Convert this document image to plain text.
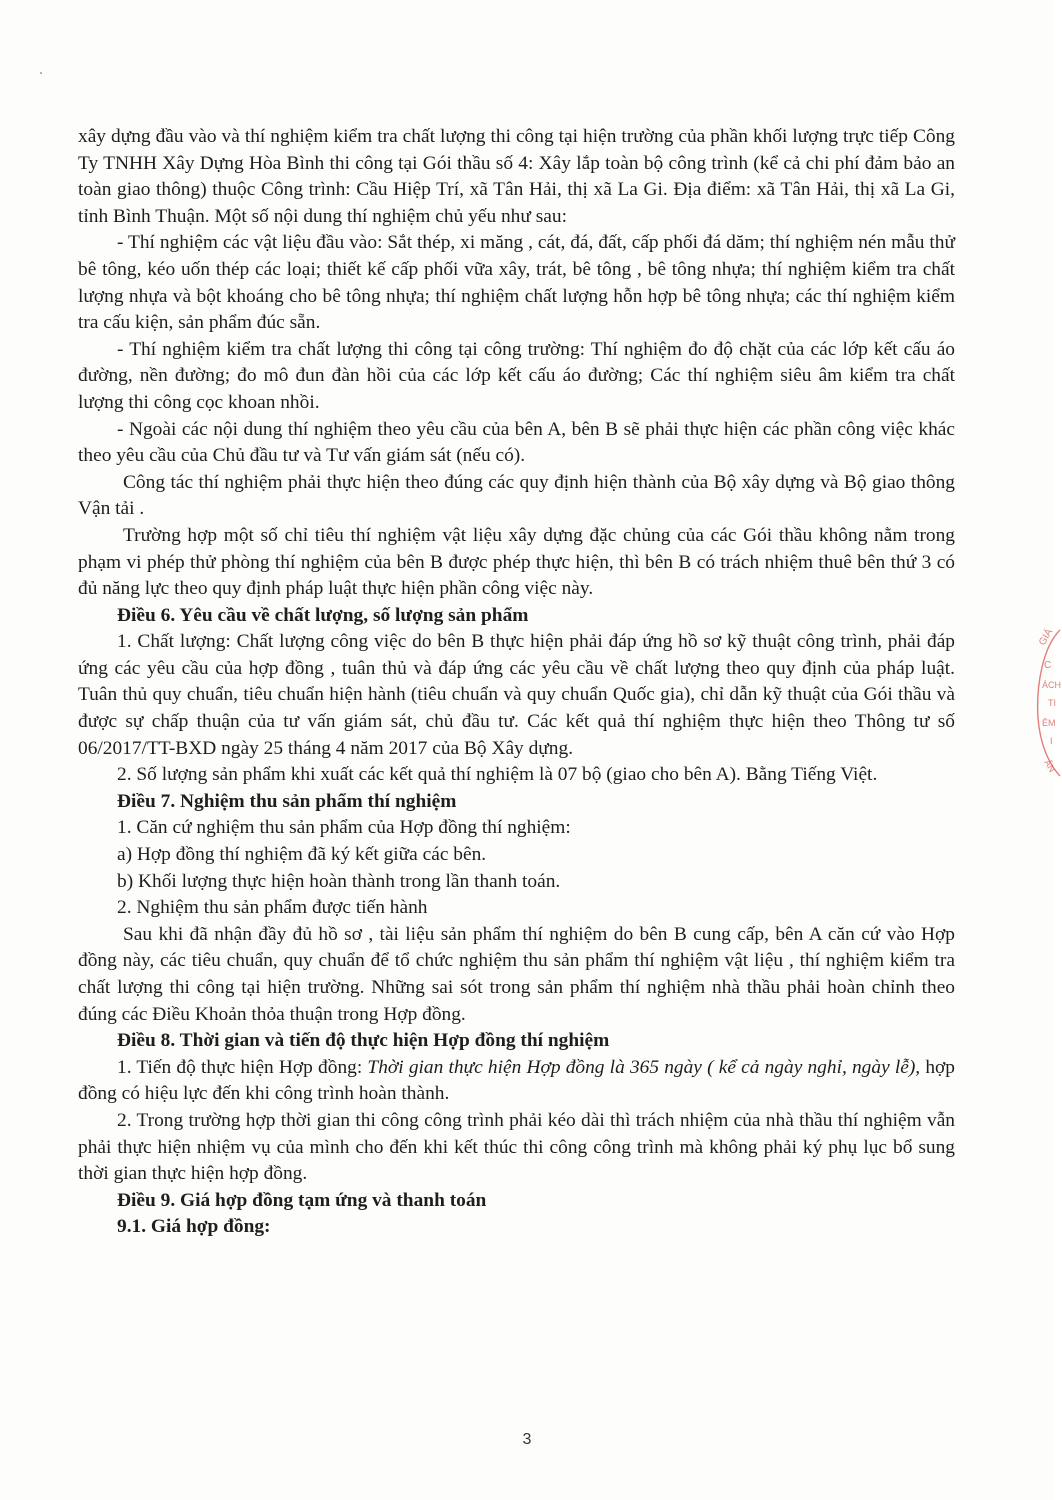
xây dựng đầu vào và thí nghiệm kiểm tra chất lượng thi công tại hiện trường của phần khối lượng trực tiếp Công Ty TNHH Xây Dựng Hòa Bình thi công tại Gói thầu số 4: Xây lắp toàn bộ công trình (kể cả chi phí đảm bảo an toàn giao thông) thuộc Công trình: Cầu Hiệp Trí, xã Tân Hải, thị xã La Gi. Địa điểm: xã Tân Hải, thị xã La Gi, tỉnh Bình Thuận. Một số nội dung thí nghiệm chủ yếu như sau:

- Thí nghiệm các vật liệu đầu vào: Sắt thép, xi măng , cát, đá, đất, cấp phối đá dăm; thí nghiệm nén mẫu thử bê tông, kéo uốn thép các loại; thiết kế cấp phối vữa xây, trát, bê tông , bê tông nhựa; thí nghiệm kiểm tra chất lượng nhựa và bột khoáng cho bê tông nhựa; thí nghiệm chất lượng hỗn hợp bê tông nhựa; các thí nghiệm kiểm tra cấu kiện, sản phẩm đúc sẵn.

- Thí nghiệm kiểm tra chất lượng thi công tại công trường: Thí nghiệm đo độ chặt của các lớp kết cấu áo đường, nền đường; đo mô đun đàn hồi của các lớp kết cấu áo đường; Các thí nghiệm siêu âm kiểm tra chất lượng thi công cọc khoan nhồi.

- Ngoài các nội dung thí nghiệm theo yêu cầu của bên A, bên B sẽ phải thực hiện các phần công việc khác theo yêu cầu của Chủ đầu tư và Tư vấn giám sát (nếu có).

Công tác thí nghiệm phải thực hiện theo đúng các quy định hiện thành của Bộ xây dựng và Bộ giao thông Vận tải .

Trường hợp một số chỉ tiêu thí nghiệm vật liệu xây dựng đặc chủng của các Gói thầu không nằm trong phạm vi phép thử phòng thí nghiệm của bên B được phép thực hiện, thì bên B có trách nhiệm thuê bên thứ 3 có đủ năng lực theo quy định pháp luật thực hiện phần công việc này.

Điều 6. Yêu cầu về chất lượng, số lượng sản phẩm

1. Chất lượng: Chất lượng công việc do bên B thực hiện phải đáp ứng hồ sơ kỹ thuật công trình, phải đáp ứng các yêu cầu của hợp đồng , tuân thủ và đáp ứng các yêu cầu về chất lượng theo quy định của pháp luật. Tuân thủ quy chuẩn, tiêu chuẩn hiện hành (tiêu chuẩn và quy chuẩn Quốc gia), chỉ dẫn kỹ thuật của Gói thầu và được sự chấp thuận của tư vấn giám sát, chủ đầu tư. Các kết quả thí nghiệm thực hiện theo Thông tư số 06/2017/TT-BXD ngày 25 tháng 4 năm 2017 của Bộ Xây dựng.

2. Số lượng sản phẩm khi xuất các kết quả thí nghiệm là 07 bộ (giao cho bên A). Bằng Tiếng Việt.

Điều 7. Nghiệm thu sản phẩm thí nghiệm

1. Căn cứ nghiệm thu sản phẩm của Hợp đồng thí nghiệm:

a) Hợp đồng thí nghiệm đã ký kết giữa các bên.

b) Khối lượng thực hiện hoàn thành trong lần thanh toán.

2. Nghiệm thu sản phẩm được tiến hành

Sau khi đã nhận đầy đủ hồ sơ , tài liệu sản phẩm thí nghiệm do bên B cung cấp, bên A căn cứ vào Hợp đồng này, các tiêu chuẩn, quy chuẩn để tổ chức nghiệm thu sản phẩm thí nghiệm vật liệu , thí nghiệm kiểm tra chất lượng thi công tại hiện trường. Những sai sót trong sản phẩm thí nghiệm nhà thầu phải hoàn chỉnh theo đúng các Điều Khoản thỏa thuận trong Hợp đồng.

Điều 8. Thời gian và tiến độ thực hiện Hợp đồng thí nghiệm

1. Tiến độ thực hiện Hợp đồng: Thời gian thực hiện Hợp đồng là 365 ngày ( kể cả ngày nghỉ, ngày lễ), hợp đồng có hiệu lực đến khi công trình hoàn thành.

2. Trong trường hợp thời gian thi công công trình phải kéo dài thì trách nhiệm của nhà thầu thí nghiệm vẫn phải thực hiện nhiệm vụ của mình cho đến khi kết thúc thi công công trình mà không phải ký phụ lục bổ sung thời gian thực hiện hợp đồng.

Điều 9. Giá hợp đồng tạm ứng và thanh toán

9.1. Giá hợp đồng:

GIÁ
C
ÁCH
TI
ÊM
I
ÂN
3
